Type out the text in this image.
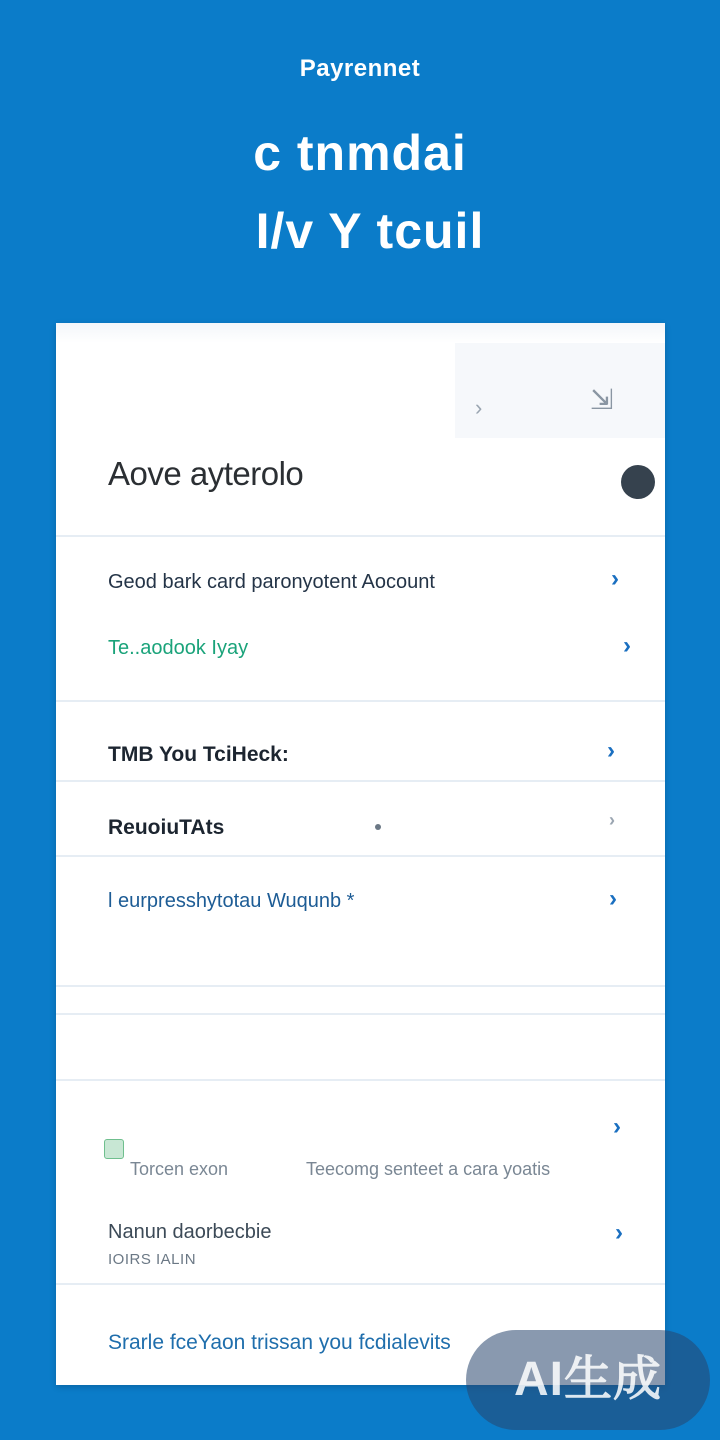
Payrennet
c tnmdai
I/v Y tcuil
›	⇲
Aove ayterolo
Geod bark card paronyotent Aocount	›
Te..aodook Iyay	›
TMB You TciHeck:	›
ReuoiuTAts	›
l eurpresshytotau Wuqunb *	›
›
Torcen exon	Teecomg senteet a cara yoatis
Nanun daorbecbie
IOIRS IALIN
›
Srarle fceYaon trissan you fcdialevits
AI生成
